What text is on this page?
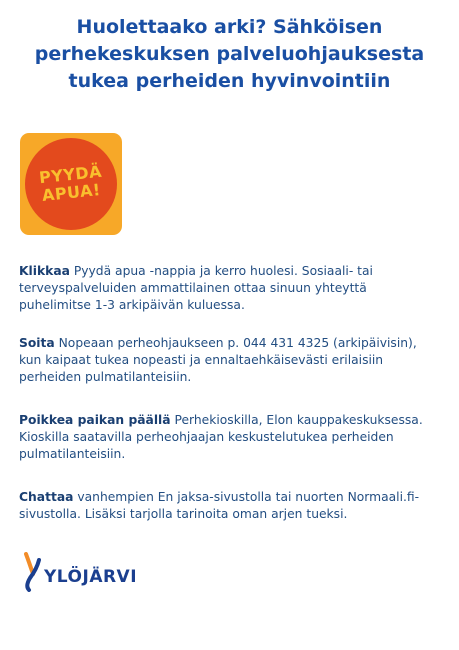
Huolettaako arki? Sähköisen
perhekeskuksen palveluohjauksesta
tukea perheiden hyvinvointiin
PYYDÄ
APUA!

Klikkaa Pyydä apua -nappia ja kerro huolesi. Sosiaali- tai terveyspalveluiden ammattilainen ottaa sinuun yhteyttä puhelimitse 1-3 arkipäivän kuluessa.

Soita Nopeaan perheohjaukseen p. 044 431 4325 (arkipäivisin), kun kaipaat tukea nopeasti ja ennaltaehkäisevästi erilaisiin perheiden pulmatilanteisiin.

Poikkea paikan päällä Perhekioskilla, Elon kauppakeskuksessa. Kioskilla saatavilla perheohjaajan keskustelutukea perheiden pulmatilanteisiin.

Chattaa vanhempien En jaksa-sivustolla tai nuorten Normaali.fi-sivustolla. Lisäksi tarjolla tarinoita oman arjen tueksi.

YLÖJÄRVI
